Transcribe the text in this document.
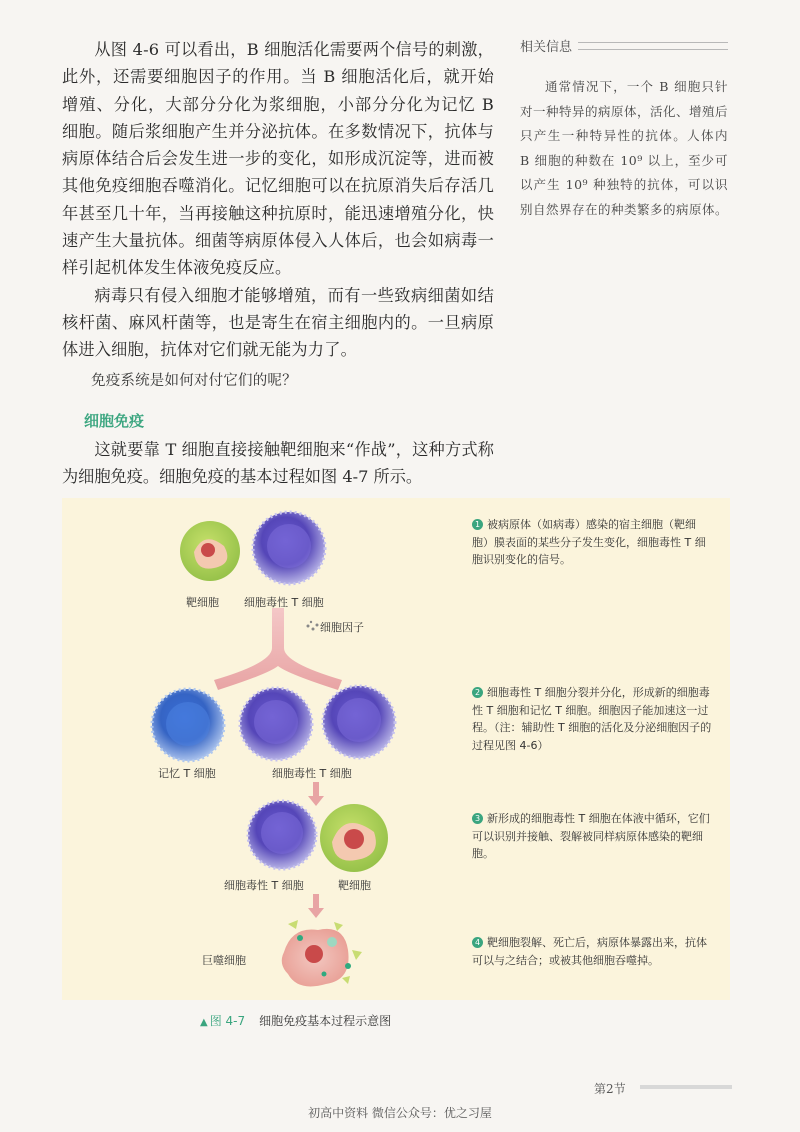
从图 4-6 可以看出，B 细胞活化需要两个信号的刺激，此外，还需要细胞因子的作用。当 B 细胞活化后，就开始增殖、分化，大部分分化为浆细胞，小部分分化为记忆 B 细胞。随后浆细胞产生并分泌抗体。在多数情况下，抗体与病原体结合后会发生进一步的变化，如形成沉淀等，进而被其他免疫细胞吞噬消化。记忆细胞可以在抗原消失后存活几年甚至几十年，当再接触这种抗原时，能迅速增殖分化，快速产生大量抗体。细菌等病原体侵入人体后，也会如病毒一样引起机体发生体液免疫反应。

病毒只有侵入细胞才能够增殖，而有一些致病细菌如结核杆菌、麻风杆菌等，也是寄生在宿主细胞内的。一旦病原体进入细胞，抗体对它们就无能为力了。

免疫系统是如何对付它们的呢？

相关信息
通常情况下，一个 B 细胞只针对一种特异的病原体，活化、增殖后只产生一种特异性的抗体。人体内 B 细胞的种数在 10⁹ 以上，至少可以产生 10⁹ 种独特的抗体，可以识别自然界存在的种类繁多的病原体。
细胞免疫

这就要靠 T 细胞直接接触靶细胞来“作战”，这种方式称为细胞免疫。细胞免疫的基本过程如图 4-7 所示。

靶细胞 细胞毒性 T 细胞
细胞因子
记忆 T 细胞	细胞毒性 T 细胞
细胞毒性 T 细胞	靶细胞
巨噬细胞
1 被病原体（如病毒）感染的宿主细胞（靶细胞）膜表面的某些分子发生变化，细胞毒性 T 细胞识别变化的信号。
2 细胞毒性 T 细胞分裂并分化，形成新的细胞毒性 T 细胞和记忆 T 细胞。细胞因子能加速这一过程。（注：辅助性 T 细胞的活化及分泌细胞因子的过程见图 4-6）
3 新形成的细胞毒性 T 细胞在体液中循环，它们可以识别并接触、裂解被同样病原体感染的靶细胞。
4 靶细胞裂解、死亡后，病原体暴露出来，抗体可以与之结合；或被其他细胞吞噬掉。
▲ 图 4-7 细胞免疫基本过程示意图
第2节
初高中资料 微信公众号：优之习屋
